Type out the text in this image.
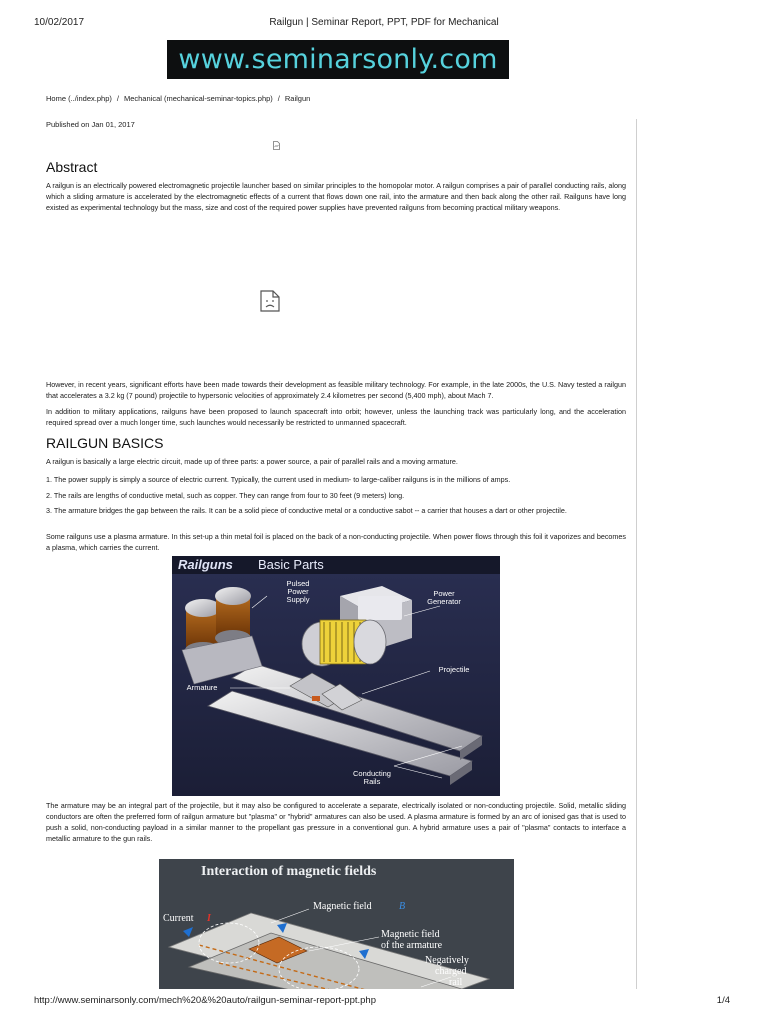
10/02/2017	Railgun | Seminar Report, PPT, PDF for Mechanical
http://www.seminarsonly.com/mech%20&%20auto/railgun-seminar-report-ppt.php	1/4
www.seminarsonly.com
Home (../index.php) / Mechanical (mechanical-seminar-topics.php) / Railgun
Published on Jan 01, 2017
Abstract

A railgun is an electrically powered electromagnetic projectile launcher based on similar principles to the homopolar motor. A railgun comprises a pair of parallel conducting rails, along which a sliding armature is accelerated by the electromagnetic effects of a current that flows down one rail, into the armature and then back along the other rail. Railguns have long existed as experimental technology but the mass, size and cost of the required power supplies have prevented railguns from becoming practical military weapons.

However, in recent years, significant efforts have been made towards their development as feasible military technology. For example, in the late 2000s, the U.S. Navy tested a railgun that accelerates a 3.2 kg (7 pound) projectile to hypersonic velocities of approximately 2.4 kilometres per second (5,400 mph), about Mach 7.

In addition to military applications, railguns have been proposed to launch spacecraft into orbit; however, unless the launching track was particularly long, and the acceleration required spread over a much longer time, such launches would necessarily be restricted to unmanned spacecraft.

RAILGUN BASICS

A railgun is basically a large electric circuit, made up of three parts: a power source, a pair of parallel rails and a moving armature.

1. The power supply is simply a source of electric current. Typically, the current used in medium- to large-caliber railguns is in the millions of amps.

2. The rails are lengths of conductive metal, such as copper. They can range from four to 30 feet (9 meters) long.

3. The armature bridges the gap between the rails. It can be a solid piece of conductive metal or a conductive sabot -- a carrier that houses a dart or other projectile.

Some railguns use a plasma armature. In this set-up a thin metal foil is placed on the back of a non-conducting projectile. When power flows through this foil it vaporizes and becomes a plasma, which carries the current.

Railguns Basic Parts
Pulsed
Power
Supply
Power
Generator
Projectile
Armature
Conducting
Rails

The armature may be an integral part of the projectile, but it may also be configured to accelerate a separate, electrically isolated or non-conducting projectile. Solid, metallic sliding conductors are often the preferred form of railgun armature but "plasma" or "hybrid" armatures can also be used. A plasma armature is formed by an arc of ionised gas that is used to push a solid, non-conducting payload in a similar manner to the propellant gas pressure in a conventional gun. A hybrid armature uses a pair of "plasma" contacts to interface a metallic armature to the gun rails.

Interaction of magnetic fields
Current I
Magnetic field	B
Magnetic field
of the armature
Negatively
charged
rail
